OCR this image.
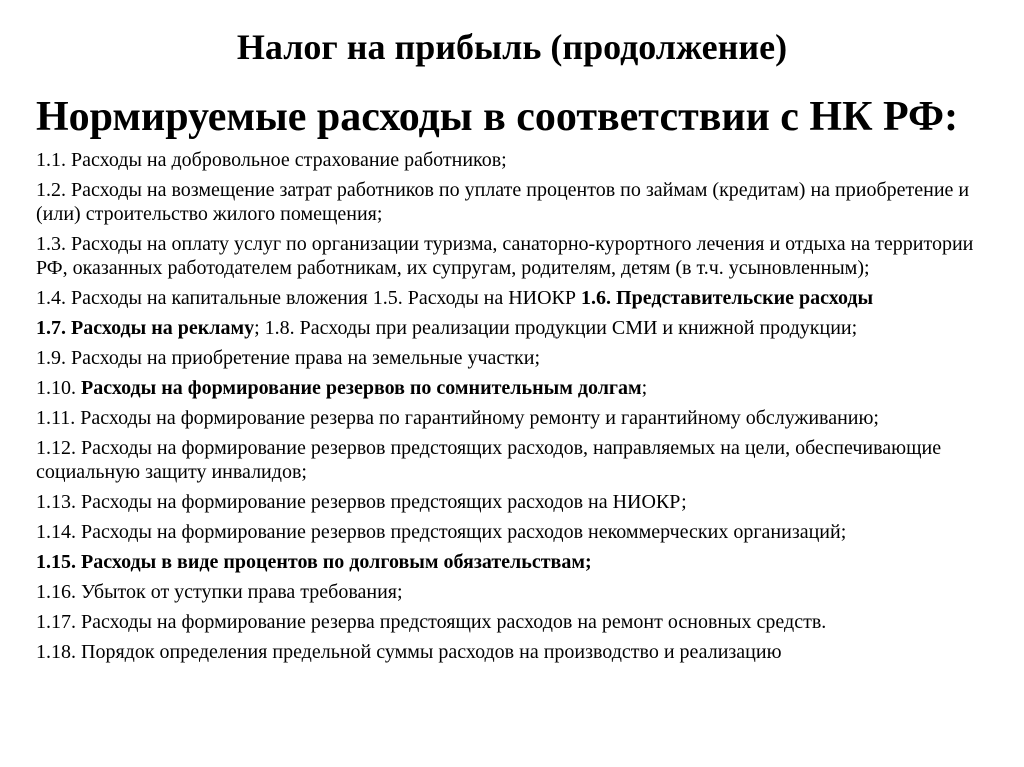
Налог на прибыль (продолжение)
Нормируемые расходы в соответствии с НК РФ:
1.1. Расходы на добровольное страхование работников;
1.2. Расходы на возмещение затрат работников по уплате процентов по займам (кредитам) на приобретение и (или) строительство жилого помещения;
1.3. Расходы на оплату услуг по организации туризма, санаторно-курортного лечения и отдыха на территории РФ, оказанных работодателем работникам, их супругам, родителям, детям (в т.ч. усыновленным);
1.4. Расходы на капитальные вложения 1.5. Расходы на НИОКР 1.6. Представительские расходы
1.7. Расходы на рекламу; 1.8. Расходы при реализации продукции СМИ и книжной продукции;
1.9. Расходы на приобретение права на земельные участки;
1.10. Расходы на формирование резервов по сомнительным долгам;
1.11. Расходы на формирование резерва по гарантийному ремонту и гарантийному обслуживанию;
1.12. Расходы на формирование резервов предстоящих расходов, направляемых на цели, обеспечивающие социальную защиту инвалидов;
1.13. Расходы на формирование резервов предстоящих расходов на НИОКР;
1.14. Расходы на формирование резервов предстоящих расходов некоммерческих организаций;
1.15. Расходы в виде процентов по долговым обязательствам;
1.16. Убыток от уступки права требования;
1.17. Расходы на формирование резерва предстоящих расходов на ремонт основных средств.
1.18. Порядок определения предельной суммы расходов на производство и реализацию
